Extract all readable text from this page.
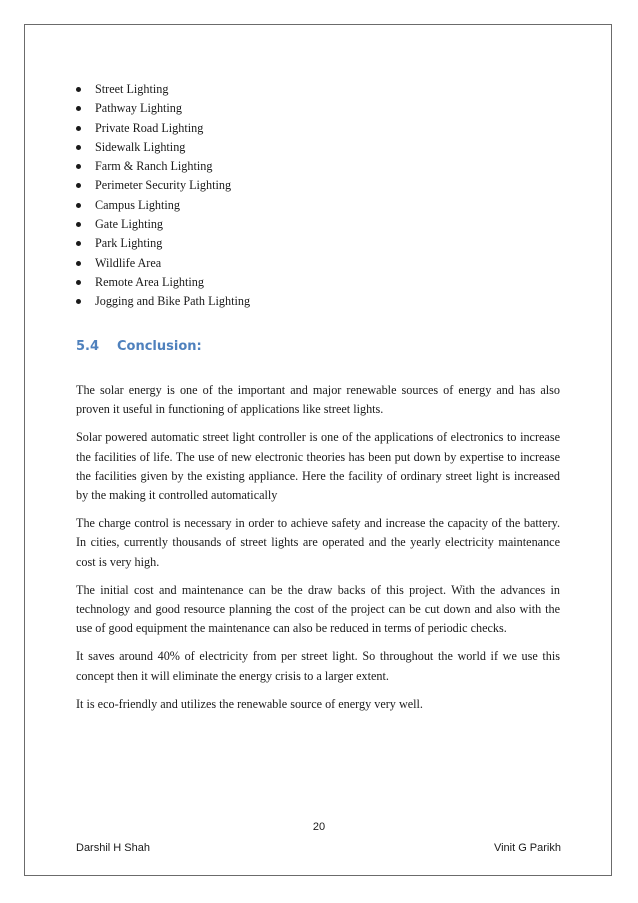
Street Lighting
Pathway Lighting
Private Road Lighting
Sidewalk Lighting
Farm & Ranch Lighting
Perimeter Security Lighting
Campus Lighting
Gate Lighting
Park Lighting
Wildlife Area
Remote Area Lighting
Jogging and Bike Path Lighting
5.4 Conclusion:

The solar energy is one of the important and major renewable sources of energy and has also proven it useful in functioning of applications like street lights.

Solar powered automatic street light controller is one of the applications of electronics to increase the facilities of life. The use of new electronic theories has been put down by expertise to increase the facilities given by the existing appliance. Here the facility of ordinary street light is increased by the making it controlled automatically

The charge control is necessary in order to achieve safety and increase the capacity of the battery. In cities, currently thousands of street lights are operated and the yearly electricity maintenance cost is very high.

The initial cost and maintenance can be the draw backs of this project. With the advances in technology and good resource planning the cost of the project can be cut down and also with the use of good equipment the maintenance can also be reduced in terms of periodic checks.

It saves around 40% of electricity from per street light. So throughout the world if we use this concept then it will eliminate the energy crisis to a larger extent.

It is eco-friendly and utilizes the renewable source of energy very well.

20
Darshil H Shah	Vinit G Parikh
